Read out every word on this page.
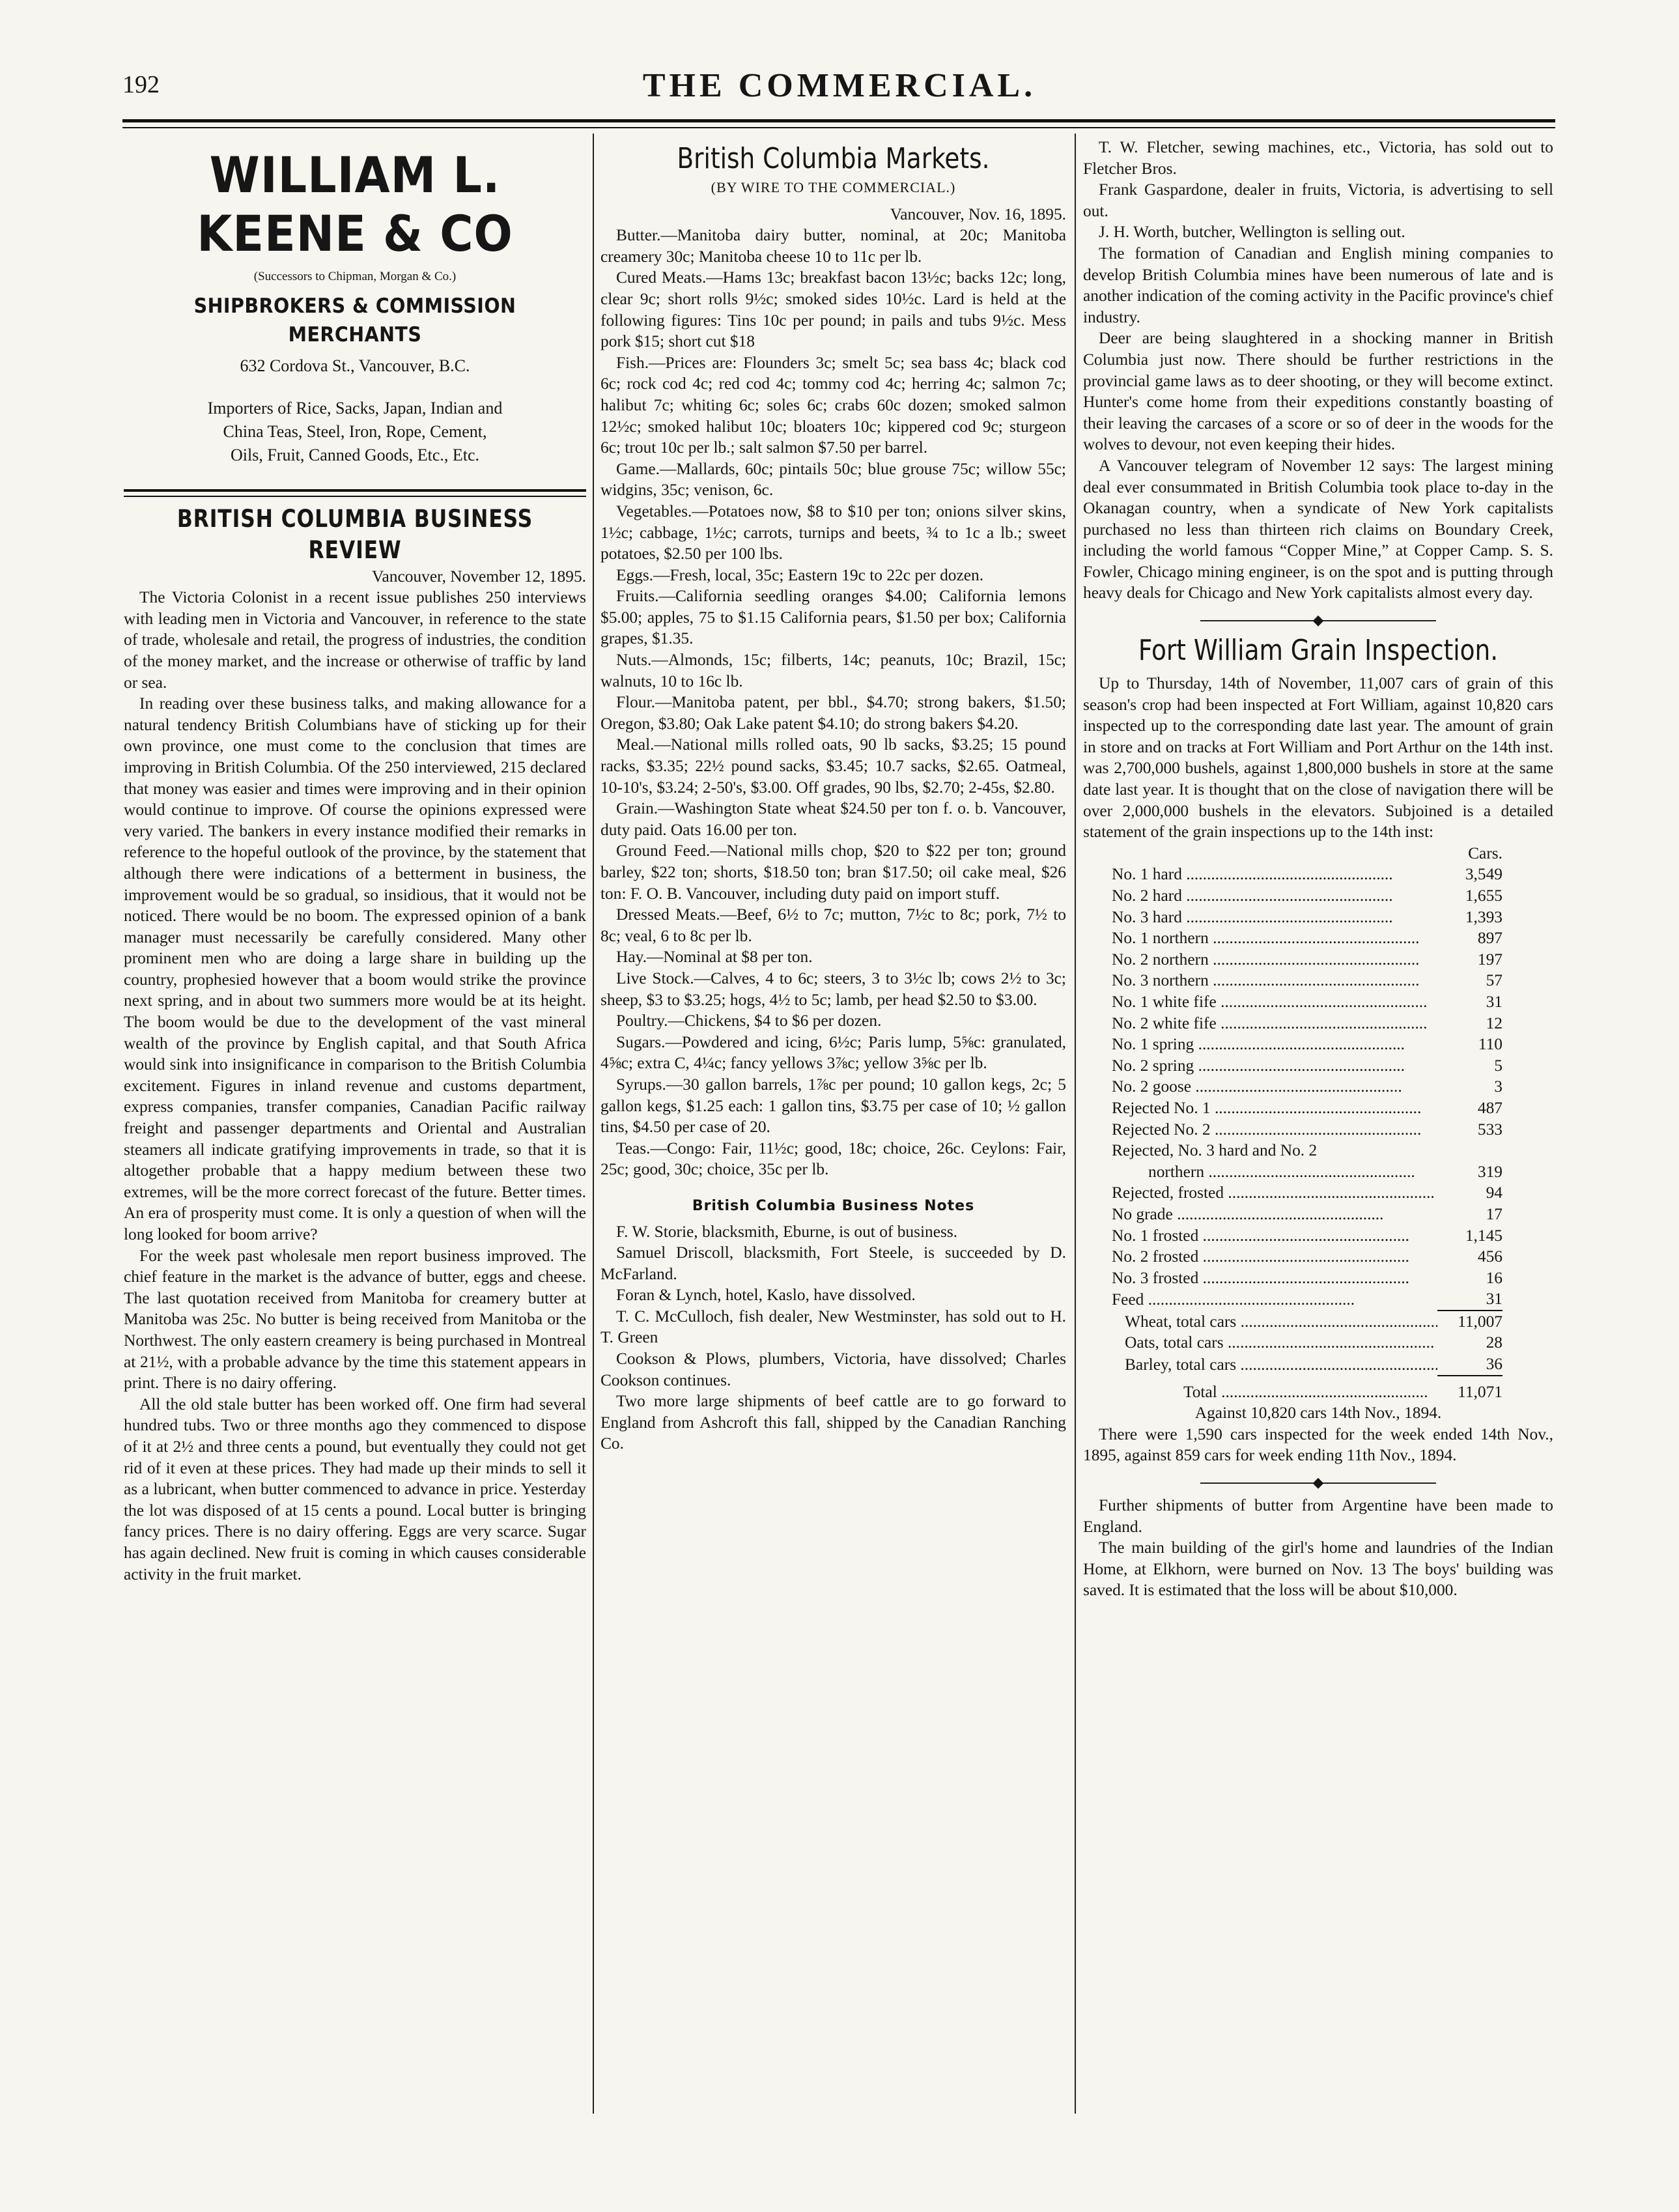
192	THE COMMERCIAL.
WILLIAM L. KEENE & CO

(Successors to Chipman, Morgan & Co.)

SHIPBROKERS & COMMISSION MERCHANTS
632 Cordova St., Vancouver, B.C.

Importers of Rice, Sacks, Japan, Indian and

China Teas, Steel, Iron, Rope, Cement,

Oils, Fruit, Canned Goods, Etc., Etc.

BRITISH COLUMBIA BUSINESS REVIEW

Vancouver, November 12, 1895.

The Victoria Colonist in a recent issue publishes 250 interviews with leading men in Victoria and Vancouver, in reference to the state of trade, wholesale and retail, the progress of industries, the condition of the money market, and the increase or otherwise of traffic by land or sea.

In reading over these business talks, and making allowance for a natural tendency British Columbians have of sticking up for their own province, one must come to the conclusion that times are improving in British Columbia. Of the 250 interviewed, 215 declared that money was easier and times were improving and in their opinion would continue to improve. Of course the opinions expressed were very varied. The bankers in every instance modified their remarks in reference to the hopeful outlook of the province, by the statement that although there were indications of a betterment in business, the improvement would be so gradual, so insidious, that it would not be noticed. There would be no boom. The expressed opinion of a bank manager must necessarily be carefully considered. Many other prominent men who are doing a large share in building up the country, prophesied however that a boom would strike the province next spring, and in about two summers more would be at its height. The boom would be due to the development of the vast mineral wealth of the province by English capital, and that South Africa would sink into insignificance in comparison to the British Columbia excitement. Figures in inland revenue and customs department, express companies, transfer companies, Canadian Pacific railway freight and passenger departments and Oriental and Australian steamers all indicate gratifying improvements in trade, so that it is altogether probable that a happy medium between these two extremes, will be the more correct forecast of the future. Better times. An era of prosperity must come. It is only a question of when will the long looked for boom arrive?

For the week past wholesale men report business improved. The chief feature in the market is the advance of butter, eggs and cheese. The last quotation received from Manitoba for creamery butter at Manitoba was 25c. No butter is being received from Manitoba or the Northwest. The only eastern creamery is being purchased in Montreal at 21½, with a probable advance by the time this statement appears in print. There is no dairy offering.

All the old stale butter has been worked off. One firm had several hundred tubs. Two or three months ago they commenced to dispose of it at 2½ and three cents a pound, but eventually they could not get rid of it even at these prices. They had made up their minds to sell it as a lubricant, when butter commenced to advance in price. Yesterday the lot was disposed of at 15 cents a pound. Local butter is bringing fancy prices. There is no dairy offering. Eggs are very scarce. Sugar has again declined. New fruit is coming in which causes considerable activity in the fruit market.

British Columbia Markets.
(BY WIRE TO THE COMMERCIAL.)

Vancouver, Nov. 16, 1895.

Butter.—Manitoba dairy butter, nominal, at 20c; Manitoba creamery 30c; Manitoba cheese 10 to 11c per lb.

Cured Meats.—Hams 13c; breakfast bacon 13½c; backs 12c; long, clear 9c; short rolls 9½c; smoked sides 10½c. Lard is held at the following figures: Tins 10c per pound; in pails and tubs 9½c. Mess pork $15; short cut $18

Fish.—Prices are: Flounders 3c; smelt 5c; sea bass 4c; black cod 6c; rock cod 4c; red cod 4c; tommy cod 4c; herring 4c; salmon 7c; halibut 7c; whiting 6c; soles 6c; crabs 60c dozen; smoked salmon 12½c; smoked halibut 10c; bloaters 10c; kippered cod 9c; sturgeon 6c; trout 10c per lb.; salt salmon $7.50 per barrel.

Game.—Mallards, 60c; pintails 50c; blue grouse 75c; willow 55c; widgins, 35c; venison, 6c.

Vegetables.—Potatoes now, $8 to $10 per ton; onions silver skins, 1½c; cabbage, 1½c; carrots, turnips and beets, ¾ to 1c a lb.; sweet potatoes, $2.50 per 100 lbs.

Eggs.—Fresh, local, 35c; Eastern 19c to 22c per dozen.

Fruits.—California seedling oranges $4.00; California lemons $5.00; apples, 75 to $1.15 California pears, $1.50 per box; California grapes, $1.35.

Nuts.—Almonds, 15c; filberts, 14c; peanuts, 10c; Brazil, 15c; walnuts, 10 to 16c lb.

Flour.—Manitoba patent, per bbl., $4.70; strong bakers, $1.50; Oregon, $3.80; Oak Lake patent $4.10; do strong bakers $4.20.

Meal.—National mills rolled oats, 90 lb sacks, $3.25; 15 pound racks, $3.35; 22½ pound sacks, $3.45; 10.7 sacks, $2.65. Oatmeal, 10-10's, $3.24; 2-50's, $3.00. Off grades, 90 lbs, $2.70; 2-45s, $2.80.

Grain.—Washington State wheat $24.50 per ton f. o. b. Vancouver, duty paid. Oats 16.00 per ton.

Ground Feed.—National mills chop, $20 to $22 per ton; ground barley, $22 ton; shorts, $18.50 ton; bran $17.50; oil cake meal, $26 ton: F. O. B. Vancouver, including duty paid on import stuff.

Dressed Meats.—Beef, 6½ to 7c; mutton, 7½c to 8c; pork, 7½ to 8c; veal, 6 to 8c per lb.

Hay.—Nominal at $8 per ton.

Live Stock.—Calves, 4 to 6c; steers, 3 to 3½c lb; cows 2½ to 3c; sheep, $3 to $3.25; hogs, 4½ to 5c; lamb, per head $2.50 to $3.00.

Poultry.—Chickens, $4 to $6 per dozen.

Sugars.—Powdered and icing, 6½c; Paris lump, 5⅝c: granulated, 4⅝c; extra C, 4¼c; fancy yellows 3⅞c; yellow 3⅝c per lb.

Syrups.—30 gallon barrels, 1⅞c per pound; 10 gallon kegs, 2c; 5 gallon kegs, $1.25 each: 1 gallon tins, $3.75 per case of 10; ½ gallon tins, $4.50 per case of 20.

Teas.—Congo: Fair, 11½c; good, 18c; choice, 26c. Ceylons: Fair, 25c; good, 30c; choice, 35c per lb.

British Columbia Business Notes

F. W. Storie, blacksmith, Eburne, is out of business.

Samuel Driscoll, blacksmith, Fort Steele, is succeeded by D. McFarland.

Foran & Lynch, hotel, Kaslo, have dissolved.

T. C. McCulloch, fish dealer, New Westminster, has sold out to H. T. Green

Cookson & Plows, plumbers, Victoria, have dissolved; Charles Cookson continues.

Two more large shipments of beef cattle are to go forward to England from Ashcroft this fall, shipped by the Canadian Ranching Co.

T. W. Fletcher, sewing machines, etc., Victoria, has sold out to Fletcher Bros.

Frank Gaspardone, dealer in fruits, Victoria, is advertising to sell out.

J. H. Worth, butcher, Wellington is selling out.

The formation of Canadian and English mining companies to develop British Columbia mines have been numerous of late and is another indication of the coming activity in the Pacific province's chief industry.

Deer are being slaughtered in a shocking manner in British Columbia just now. There should be further restrictions in the provincial game laws as to deer shooting, or they will become extinct. Hunter's come home from their expeditions constantly boasting of their leaving the carcases of a score or so of deer in the woods for the wolves to devour, not even keeping their hides.

A Vancouver telegram of November 12 says: The largest mining deal ever consummated in British Columbia took place to-day in the Okanagan country, when a syndicate of New York capitalists purchased no less than thirteen rich claims on Boundary Creek, including the world famous “Copper Mine,” at Copper Camp. S. S. Fowler, Chicago mining engineer, is on the spot and is putting through heavy deals for Chicago and New York capitalists almost every day.

◆
Fort William Grain Inspection.

Up to Thursday, 14th of November, 11,007 cars of grain of this season's crop had been inspected at Fort William, against 10,820 cars inspected up to the corresponding date last year. The amount of grain in store and on tracks at Fort William and Port Arthur on the 14th inst. was 2,700,000 bushels, against 1,800,000 bushels in store at the same date last year. It is thought that on the close of navigation there will be over 2,000,000 bushels in the elevators. Subjoined is a detailed statement of the grain inspections up to the 14th inst:

	Cars.
No. 1 hard .....	3,549
No. 2 hard .....	1,655
No. 3 hard .....	1,393
No. 1 northern .....	897
No. 2 northern .....	197
No. 3 northern .....	57
No. 1 white fife .....	31
No. 2 white fife .....	12
No. 1 spring .....	110
No. 2 spring .....	5
No. 2 goose .....	3
Rejected No. 1 .....	487
Rejected No. 2 .....	533
Rejected, No. 3 hard and No. 2	
northern .....	319
Rejected, frosted .....	94
No grade .....	17
No. 1 frosted .....	1,145
No. 2 frosted .....	456
No. 3 frosted .....	16
Feed .....	31
Wheat, total cars .....	11,007
Oats, total cars .....	28
Barley, total cars .....	36
Total .....	11,071

Against 10,820 cars 14th Nov., 1894.

There were 1,590 cars inspected for the week ended 14th Nov., 1895, against 859 cars for week ending 11th Nov., 1894.

◆

Further shipments of butter from Argentine have been made to England.

The main building of the girl's home and laundries of the Indian Home, at Elkhorn, were burned on Nov. 13 The boys' building was saved. It is estimated that the loss will be about $10,000.
